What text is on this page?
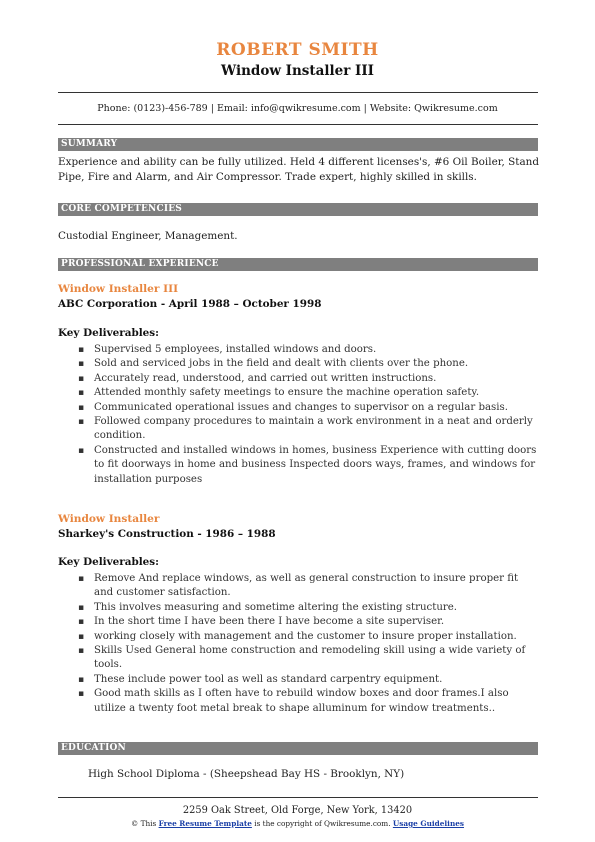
ROBERT SMITH
Window Installer III
Phone: (0123)-456-789 | Email: info@qwikresume.com | Website: Qwikresume.com
SUMMARY
Experience and ability can be fully utilized. Held 4 different licenses's, #6 Oil Boiler, Stand Pipe, Fire and Alarm, and Air Compressor. Trade expert, highly skilled in skills.
CORE COMPETENCIES
Custodial Engineer, Management.
PROFESSIONAL EXPERIENCE
Window Installer III
ABC Corporation - April 1988 – October 1998
Key Deliverables:
▪ Supervised 5 employees, installed windows and doors.
▪ Sold and serviced jobs in the field and dealt with clients over the phone.
▪ Accurately read, understood, and carried out written instructions.
▪ Attended monthly safety meetings to ensure the machine operation safety.
▪ Communicated operational issues and changes to supervisor on a regular basis.
▪ Followed company procedures to maintain a work environment in a neat and orderly condition.
▪ Constructed and installed windows in homes, business Experience with cutting doors to fit doorways in home and business Inspected doors ways, frames, and windows for installation purposes
Window Installer
Sharkey's Construction - 1986 – 1988
Key Deliverables:
▪ Remove And replace windows, as well as general construction to insure proper fit and customer satisfaction.
▪ This involves measuring and sometime altering the existing structure.
▪ In the short time I have been there I have become a site superviser.
▪ working closely with management and the customer to insure proper installation.
▪ Skills Used General home construction and remodeling skill using a wide variety of tools.
▪ These include power tool as well as standard carpentry equipment.
▪ Good math skills as I often have to rebuild window boxes and door frames.I also utilize a twenty foot metal break to shape alluminum for window treatments..
EDUCATION
High School Diploma - (Sheepshead Bay HS - Brooklyn, NY)
2259 Oak Street, Old Forge, New York, 13420
© This Free Resume Template is the copyright of Qwikresume.com. Usage Guidelines
